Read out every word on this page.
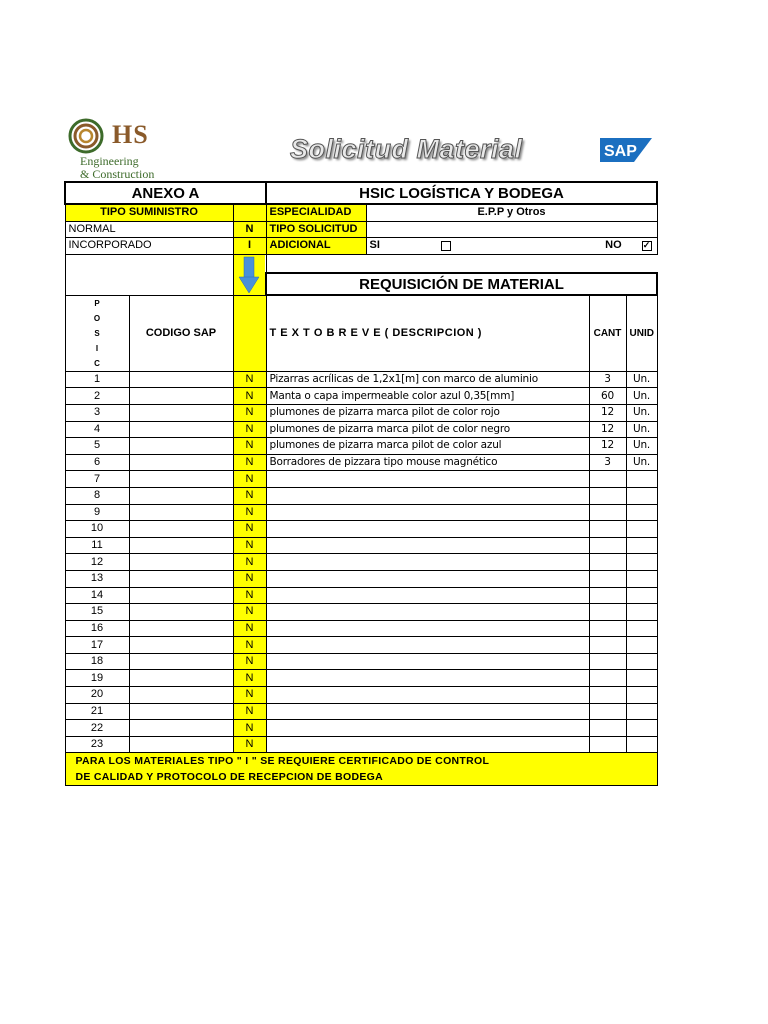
HS
Engineering
& Construction
Solicitud Material	SAP
ANEXO A			HSIC LOGÍSTICA Y BODEGA			
TIPO SUMINISTRO			ESPECIALIDAD	E.P.P y Otros		
NORMAL		N	TIPO SOLICITUD			
INCORPORADO		I	ADICIONAL	SI NO  ✓

			REQUISICIÓN DE MATERIAL			

P O S I C	CODIGO SAP		T E X T O B R E V E ( DESCRIPCION )		CANT	UNID
1		N	Pizarras acrílicas de 1,2x1[m] con marco de aluminio		3	Un.
2		N	Manta o capa impermeable color azul 0,35[mm]		60	Un.
3		N	plumones de pizarra marca pilot de color rojo		12	Un.
4		N	plumones de pizarra marca pilot de color negro		12	Un.
5		N	plumones de pizarra marca pilot de color azul		12	Un.
6		N	Borradores de pizzara tipo mouse magnético		3	Un.
7		N				
8		N				
9		N				
10		N				
11		N				
12		N				
13		N				
14		N				
15		N				
16		N				
17		N				
18		N				
19		N				
20		N				
21		N				
22		N				
23		N				

PARA LOS MATERIALES TIPO " I " SE REQUIERE CERTIFICADO DE CONTROL
DE CALIDAD Y PROTOCOLO DE RECEPCION DE BODEGA						
